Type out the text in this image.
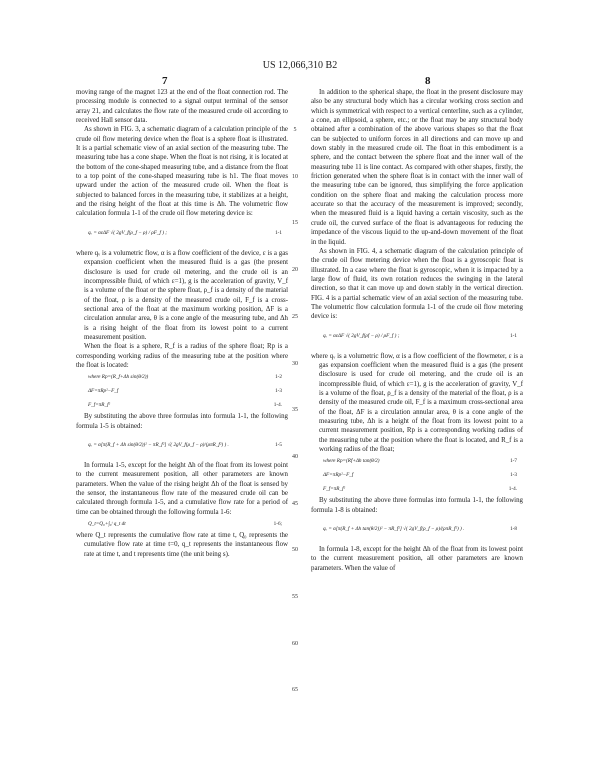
US 12,066,310 B2
7	8

moving range of the magnet 123 at the end of the float connection rod. The processing module is connected to a signal output terminal of the sensor array 21, and calculates the flow rate of the measured crude oil according to received Hall sensor data.

As shown in FIG. 3, a schematic diagram of a calculation principle of the crude oil flow metering device when the float is a sphere float is illustrated. It is a partial schematic view of an axial section of the measuring tube. The measuring tube has a cone shape. When the float is not rising, it is located at the bottom of the cone-shaped measuring tube, and a distance from the float to a top point of the cone-shaped measuring tube is h1. The float moves upward under the action of the measured crude oil. When the float is subjected to balanced forces in the measuring tube, it stabilizes at a height, and the rising height of the float at this time is Δh. The volumetric flow calculation formula 1-1 of the crude oil flow metering device is:

qᵥ = αεΔF √( 2gV_f(ρ_f − ρ) / ρF_f ) ;	1-1

where qᵥ is a volumetric flow, α is a flow coefficient of the device, ε is a gas expansion coefficient when the measured fluid is a gas (the present disclosure is used for crude oil metering, and the crude oil is an incompressible fluid, of which ε=1), g is the acceleration of gravity, V_f is a volume of the float or the sphere float, ρ_f is a density of the material of the float, ρ is a density of the measured crude oil, F_f is a cross-sectional area of the float at the maximum working position, ΔF is a circulation annular area, θ is a cone angle of the measuring tube, and Δh is a rising height of the float from its lowest point to a current measurement position.

When the float is a sphere, R_f is a radius of the sphere float; Rp is a corresponding working radius of the measuring tube at the position where the float is located:

where Rp=(R_f+Δh sin(θ/2))	1-2
ΔF=πRp²−F_f	1-3
F_f=πR_f²	1-4.

By substituting the above three formulas into formula 1-1, the following formula 1-5 is obtained:

qᵥ = α[π(R_f + Δh sin(θ/2))² − πR_f²] √( 2gV_f(ρ_f − ρ)/(ρπR_f²) ) .	1-5

In formula 1-5, except for the height Δh of the float from its lowest point to the current measurement position, all other parameters are known parameters. When the value of the rising height Δh of the float is sensed by the sensor, the instantaneous flow rate of the measured crude oil can be calculated through formula 1-5, and a cumulative flow rate for a period of time can be obtained through the following formula 1-6:

Q_t=Q₀+∫₀ᵗ q_t dt	1-6;

where Q_t represents the cumulative flow rate at time t, Q₀ represents the cumulative flow rate at time t=0, q_t represents the instantaneous flow rate at time t, and t represents time (the unit being s).

In addition to the spherical shape, the float in the present disclosure may also be any structural body which has a circular working cross section and which is symmetrical with respect to a vertical centerline, such as a cylinder, a cone, an ellipsoid, a sphere, etc.; or the float may be any structural body obtained after a combination of the above various shapes so that the float can be subjected to uniform forces in all directions and can move up and down stably in the measured crude oil. The float in this embodiment is a sphere, and the contact between the sphere float and the inner wall of the measuring tube 11 is line contact. As compared with other shapes, firstly, the friction generated when the sphere float is in contact with the inner wall of the measuring tube can be ignored, thus simplifying the force application condition on the sphere float and making the calculation process more accurate so that the accuracy of the measurement is improved; secondly, when the measured fluid is a liquid having a certain viscosity, such as the crude oil, the curved surface of the float is advantageous for reducing the impedance of the viscous liquid to the up-and-down movement of the float in the liquid.

As shown in FIG. 4, a schematic diagram of the calculation principle of the crude oil flow metering device when the float is a gyroscopic float is illustrated. In a case where the float is gyroscopic, when it is impacted by a large flow of fluid, its own rotation reduces the swinging in the lateral direction, so that it can move up and down stably in the vertical direction. FIG. 4 is a partial schematic view of an axial section of the measuring tube. The volumetric flow calculation formula 1-1 of the crude oil flow metering device is:

qᵥ = αεΔF √( 2gV_f(ρf − ρ) / ρF_f ) ;	1-1

where qᵥ is a volumetric flow, α is a flow coefficient of the flowmeter, ε is a gas expansion coefficient when the measured fluid is a gas (the present disclosure is used for crude oil metering, and the crude oil is an incompressible fluid, of which ε=1), g is the acceleration of gravity, V_f is a volume of the float, ρ_f is a density of the material of the float, ρ is a density of the measured crude oil, F_f is a maximum cross-sectional area of the float, ΔF is a circulation annular area, θ is a cone angle of the measuring tube, Δh is a height of the float from its lowest point to a current measurement position, Rp is a corresponding working radius of the measuring tube at the position where the float is located, and R_f is a working radius of the float;

where Rp=(Rf+Δh tan(θ/2)	1-7
ΔF=πRp²−F_f	1-3
F_f=πR_f²	1-4.

By substituting the above three formulas into formula 1-1, the following formula 1-8 is obtained:

qᵥ = α[π(R_f + Δh tan(θ/2))² − πR_f²] √( 2gV_f(ρ_f − ρ)/(ρπR_f²) ) .	1-8

In formula 1-8, except for the height Δh of the float from its lowest point to the current measurement position, all other parameters are known parameters. When the value of

5
10
15
20
25
30
35
40
45
50
55
60
65
